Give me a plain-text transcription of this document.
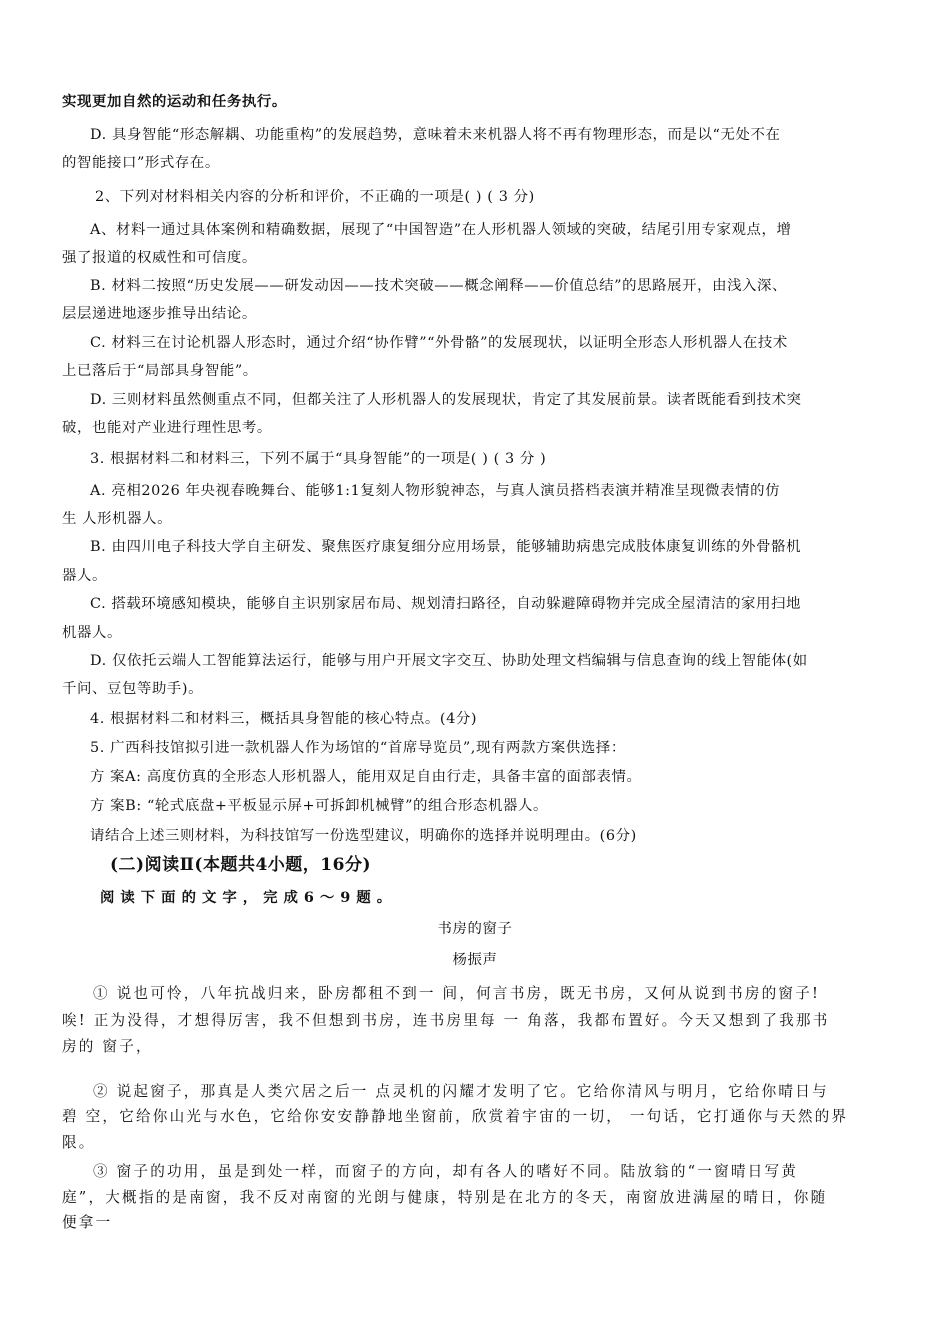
实现更加自然的运动和任务执行。
D. 具身智能“形态解耦、功能重构”的发展趋势，意味着未来机器人将不再有物理形态，而是以“无处不在
的智能接口”形式存在。
2、下列对材料相关内容的分析和评价，不正确的一项是( ) ( 3 分)
A、材料一通过具体案例和精确数据，展现了“中国智造”在人形机器人领域的突破，结尾引用专家观点，增
强了报道的权威性和可信度。
B. 材料二按照“历史发展——研发动因——技术突破——概念阐释——价值总结”的思路展开，由浅入深、
层层递进地逐步推导出结论。
C. 材料三在讨论机器人形态时，通过介绍“协作臂”“外骨骼”的发展现状，以证明全形态人形机器人在技术
上已落后于“局部具身智能”。
D. 三则材料虽然侧重点不同，但都关注了人形机器人的发展现状，肯定了其发展前景。读者既能看到技术突
破，也能对产业进行理性思考。
3. 根据材料二和材料三，下列不属于“具身智能”的一项是( ) ( 3 分 )
A. 亮相2026 年央视春晚舞台、能够1:1复刻人物形貌神态，与真人演员搭档表演并精准呈现微表情的仿
生 人形机器人。
B. 由四川电子科技大学自主研发、聚焦医疗康复细分应用场景，能够辅助病患完成肢体康复训练的外骨骼机
器人。
C. 搭载环境感知模块，能够自主识别家居布局、规划清扫路径，自动躲避障碍物并完成全屋清洁的家用扫地
机器人。
D. 仅依托云端人工智能算法运行，能够与用户开展文字交互、协助处理文档编辑与信息查询的线上智能体(如
千问、豆包等助手)。
4. 根据材料二和材料三，概括具身智能的核心特点。(4分)
5. 广西科技馆拟引进一款机器人作为场馆的“首席导览员”,现有两款方案供选择：
方 案A: 高度仿真的全形态人形机器人，能用双足自由行走，具备丰富的面部表情。
方 案B: “轮式底盘+平板显示屏+可拆卸机械臂”的组合形态机器人。
请结合上述三则材料，为科技馆写一份选型建议，明确你的选择并说明理由。(6分)
(二)阅读Ⅱ(本题共4小题，16分)
阅读下面的文字，完成6～9题。
书房的窗子
杨振声
① 说也可怜，八年抗战归来，卧房都租不到一 间，何言书房，既无书房，又何从说到书房的窗子!
唉! 正为没得，才想得厉害，我不但想到书房，连书房里每 一 角落，我都布置好。今天又想到了我那书
房的 窗子，
② 说起窗子，那真是人类穴居之后一 点灵机的闪耀才发明了它。它给你清风与明月，它给你晴日与
碧 空，它给你山光与水色，它给你安安静静地坐窗前，欣赏着宇宙的一切， 一句话，它打通你与天然的界
限。
③ 窗子的功用，虽是到处一样，而窗子的方向，却有各人的嗜好不同。陆放翁的“一窗晴日写黄
庭”，大概指的是南窗，我不反对南窗的光朗与健康，特别是在北方的冬天，南窗放进满屋的晴日，你随
便拿一
